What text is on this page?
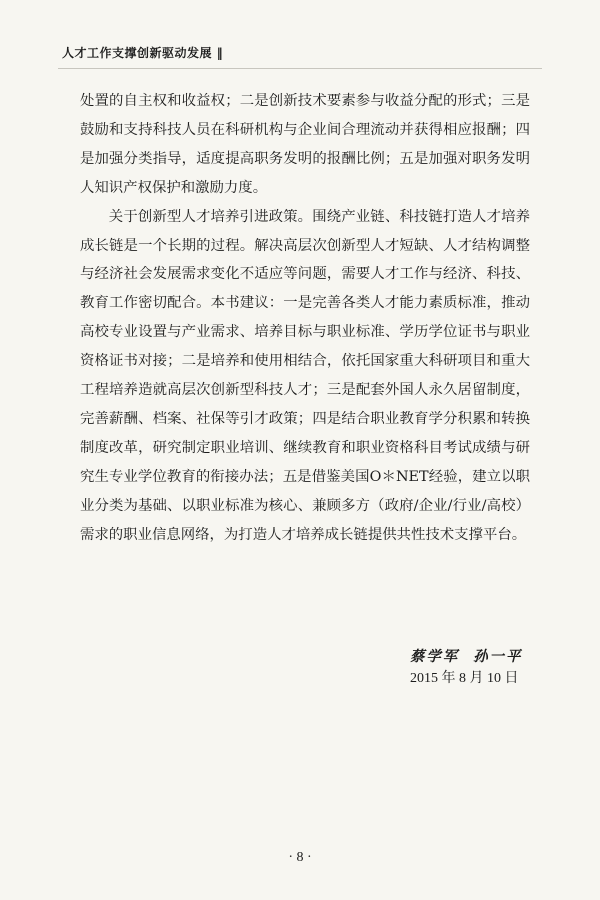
人才工作支撑创新驱动发展 ‖

处置的自主权和收益权；二是创新技术要素参与收益分配的形式；三是鼓励和支持科技人员在科研机构与企业间合理流动并获得相应报酬；四是加强分类指导，适度提高职务发明的报酬比例；五是加强对职务发明人知识产权保护和激励力度。

关于创新型人才培养引进政策。围绕产业链、科技链打造人才培养成长链是一个长期的过程。解决高层次创新型人才短缺、人才结构调整与经济社会发展需求变化不适应等问题，需要人才工作与经济、科技、教育工作密切配合。本书建议：一是完善各类人才能力素质标准，推动高校专业设置与产业需求、培养目标与职业标准、学历学位证书与职业资格证书对接；二是培养和使用相结合，依托国家重大科研项目和重大工程培养造就高层次创新型科技人才；三是配套外国人永久居留制度，完善薪酬、档案、社保等引才政策；四是结合职业教育学分积累和转换制度改革，研究制定职业培训、继续教育和职业资格科目考试成绩与研究生专业学位教育的衔接办法；五是借鉴美国O＊NET经验，建立以职业分类为基础、以职业标准为核心、兼顾多方（政府/企业/行业/高校）需求的职业信息网络，为打造人才培养成长链提供共性技术支撑平台。

蔡学军 孙一平
2015 年 8 月 10 日
· 8 ·
